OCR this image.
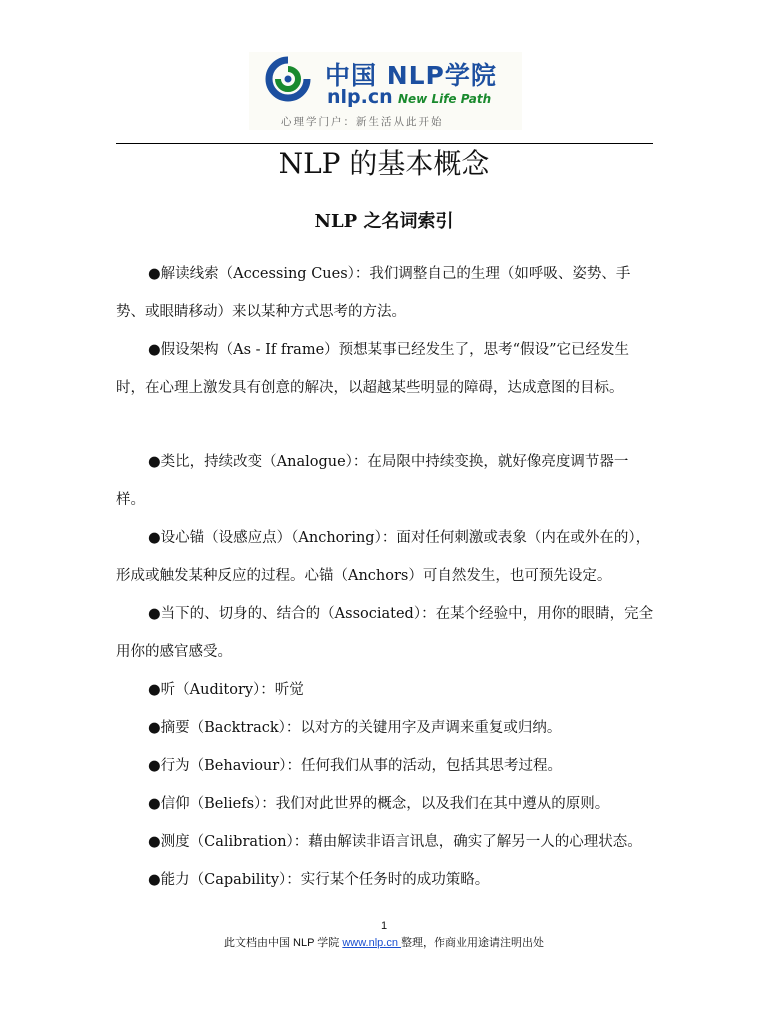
中国 NLP学院
nlp.cn New Life Path
心理学门户：新生活从此开始
NLP 的基本概念
NLP 之名词索引

●解读线索（Accessing Cues）：我们调整自己的生理（如呼吸、姿势、手势、或眼睛移动）来以某种方式思考的方法。

●假设架构（As - If frame）预想某事已经发生了，思考“假设”它已经发生时，在心理上激发具有创意的解决，以超越某些明显的障碍，达成意图的目标。

●类比，持续改变（Analogue）：在局限中持续变换，就好像亮度调节器一样。

●设心锚（设感应点）（Anchoring）：面对任何刺激或表象（内在或外在的），形成或触发某种反应的过程。心锚（Anchors）可自然发生，也可预先设定。

●当下的、切身的、结合的（Associated）：在某个经验中，用你的眼睛，完全用你的感官感受。

●听（Auditory）：听觉

●摘要（Backtrack）：以对方的关键用字及声调来重复或归纳。

●行为（Behaviour）：任何我们从事的活动，包括其思考过程。

●信仰（Beliefs）：我们对此世界的概念，以及我们在其中遵从的原则。

●测度（Calibration）：藉由解读非语言讯息，确实了解另一人的心理状态。

●能力（Capability）：实行某个任务时的成功策略。

1
此文档由中国 NLP 学院 www.nlp.cn 整理，作商业用途请注明出处
